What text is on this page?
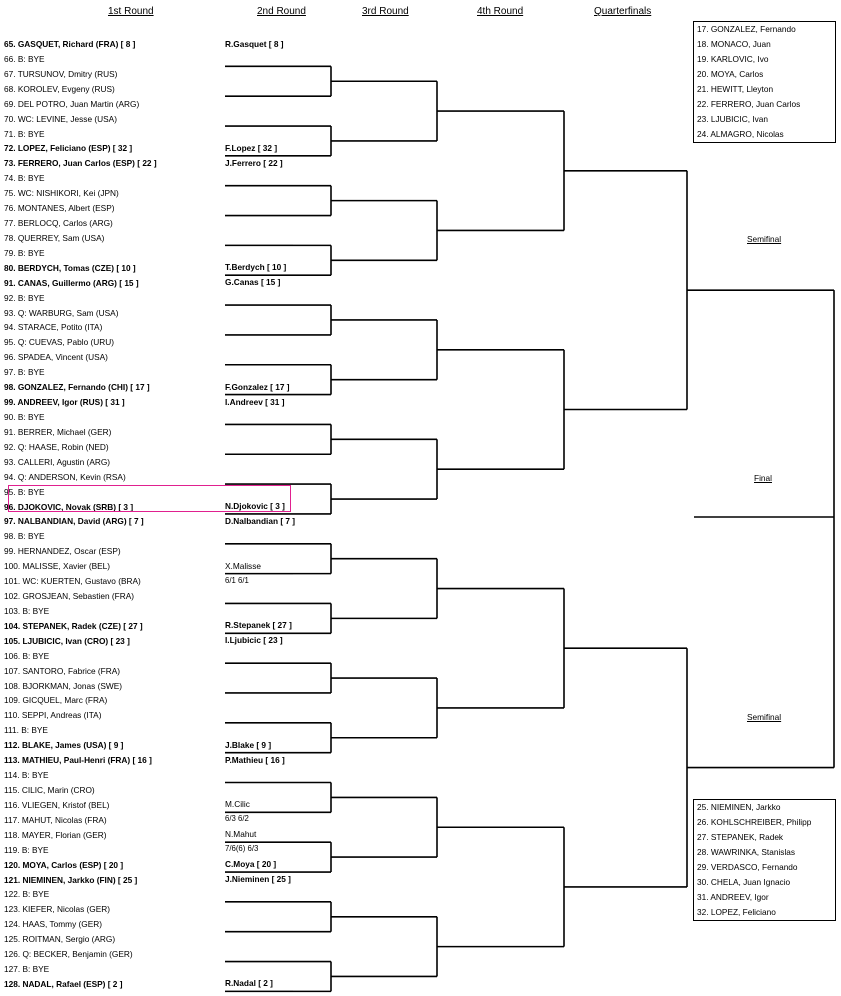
1st Round	2nd Round	3rd Round	4th Round	Quarterfinals
65. GASQUET, Richard (FRA) [ 8 ]
66. B: BYE
67. TURSUNOV, Dmitry (RUS)
68. KOROLEV, Evgeny (RUS)
69. DEL POTRO, Juan Martin (ARG)
70. WC: LEVINE, Jesse (USA)
71. B: BYE
72. LOPEZ, Feliciano (ESP) [ 32 ]
73. FERRERO, Juan Carlos (ESP) [ 22 ]
74. B: BYE
75. WC: NISHIKORI, Kei (JPN)
76. MONTANES, Albert (ESP)
77. BERLOCQ, Carlos (ARG)
78. QUERREY, Sam (USA)
79. B: BYE
80. BERDYCH, Tomas (CZE) [ 10 ]
91. CANAS, Guillermo (ARG) [ 15 ]
92. B: BYE
93. Q: WARBURG, Sam (USA)
94. STARACE, Potito (ITA)
95. Q: CUEVAS, Pablo (URU)
96. SPADEA, Vincent (USA)
97. B: BYE
98. GONZALEZ, Fernando (CHI) [ 17 ]
99. ANDREEV, Igor (RUS) [ 31 ]
90. B: BYE
91. BERRER, Michael (GER)
92. Q: HAASE, Robin (NED)
93. CALLERI, Agustin (ARG)
94. Q: ANDERSON, Kevin (RSA)
95. B: BYE
96. DJOKOVIC, Novak (SRB) [ 3 ]
97. NALBANDIAN, David (ARG) [ 7 ]
98. B: BYE
99. HERNANDEZ, Oscar (ESP)
100. MALISSE, Xavier (BEL)
101. WC: KUERTEN, Gustavo (BRA)
102. GROSJEAN, Sebastien (FRA)
103. B: BYE
104. STEPANEK, Radek (CZE) [ 27 ]
105. LJUBICIC, Ivan (CRO) [ 23 ]
106. B: BYE
107. SANTORO, Fabrice (FRA)
108. BJORKMAN, Jonas (SWE)
109. GICQUEL, Marc (FRA)
110. SEPPI, Andreas (ITA)
111. B: BYE
112. BLAKE, James (USA) [ 9 ]
113. MATHIEU, Paul-Henri (FRA) [ 16 ]
114. B: BYE
115. CILIC, Marin (CRO)
116. VLIEGEN, Kristof (BEL)
117. MAHUT, Nicolas (FRA)
118. MAYER, Florian (GER)
119. B: BYE
120. MOYA, Carlos (ESP) [ 20 ]
121. NIEMINEN, Jarkko (FIN) [ 25 ]
122. B: BYE
123. KIEFER, Nicolas (GER)
124. HAAS, Tommy (GER)
125. ROITMAN, Sergio (ARG)
126. Q: BECKER, Benjamin (GER)
127. B: BYE
128. NADAL, Rafael (ESP) [ 2 ]
R.Gasquet [ 8 ]
F.Lopez [ 32 ]
J.Ferrero [ 22 ]
T.Berdych [ 10 ]
G.Canas [ 15 ]
F.Gonzalez [ 17 ]
I.Andreev [ 31 ]
N.Djokovic [ 3 ]
D.Nalbandian [ 7 ]
X.Malisse
R.Stepanek [ 27 ]
I.Ljubicic [ 23 ]
J.Blake [ 9 ]
P.Mathieu [ 16 ]
M.Cilic
N.Mahut
C.Moya [ 20 ]
J.Nieminen [ 25 ]
R.Nadal [ 2 ]
6/1 6/1
6/3 6/2
7/6(6) 6/3
Semifinal
Final
Semifinal
17. GONZALEZ, Fernando
18. MONACO, Juan
19. KARLOVIC, Ivo
20. MOYA, Carlos
21. HEWITT, Lleyton
22. FERRERO, Juan Carlos
23. LJUBICIC, Ivan
24. ALMAGRO, Nicolas
25. NIEMINEN, Jarkko
26. KOHLSCHREIBER, Philipp
27. STEPANEK, Radek
28. WAWRINKA, Stanislas
29. VERDASCO, Fernando
30. CHELA, Juan Ignacio
31. ANDREEV, Igor
32. LOPEZ, Feliciano
